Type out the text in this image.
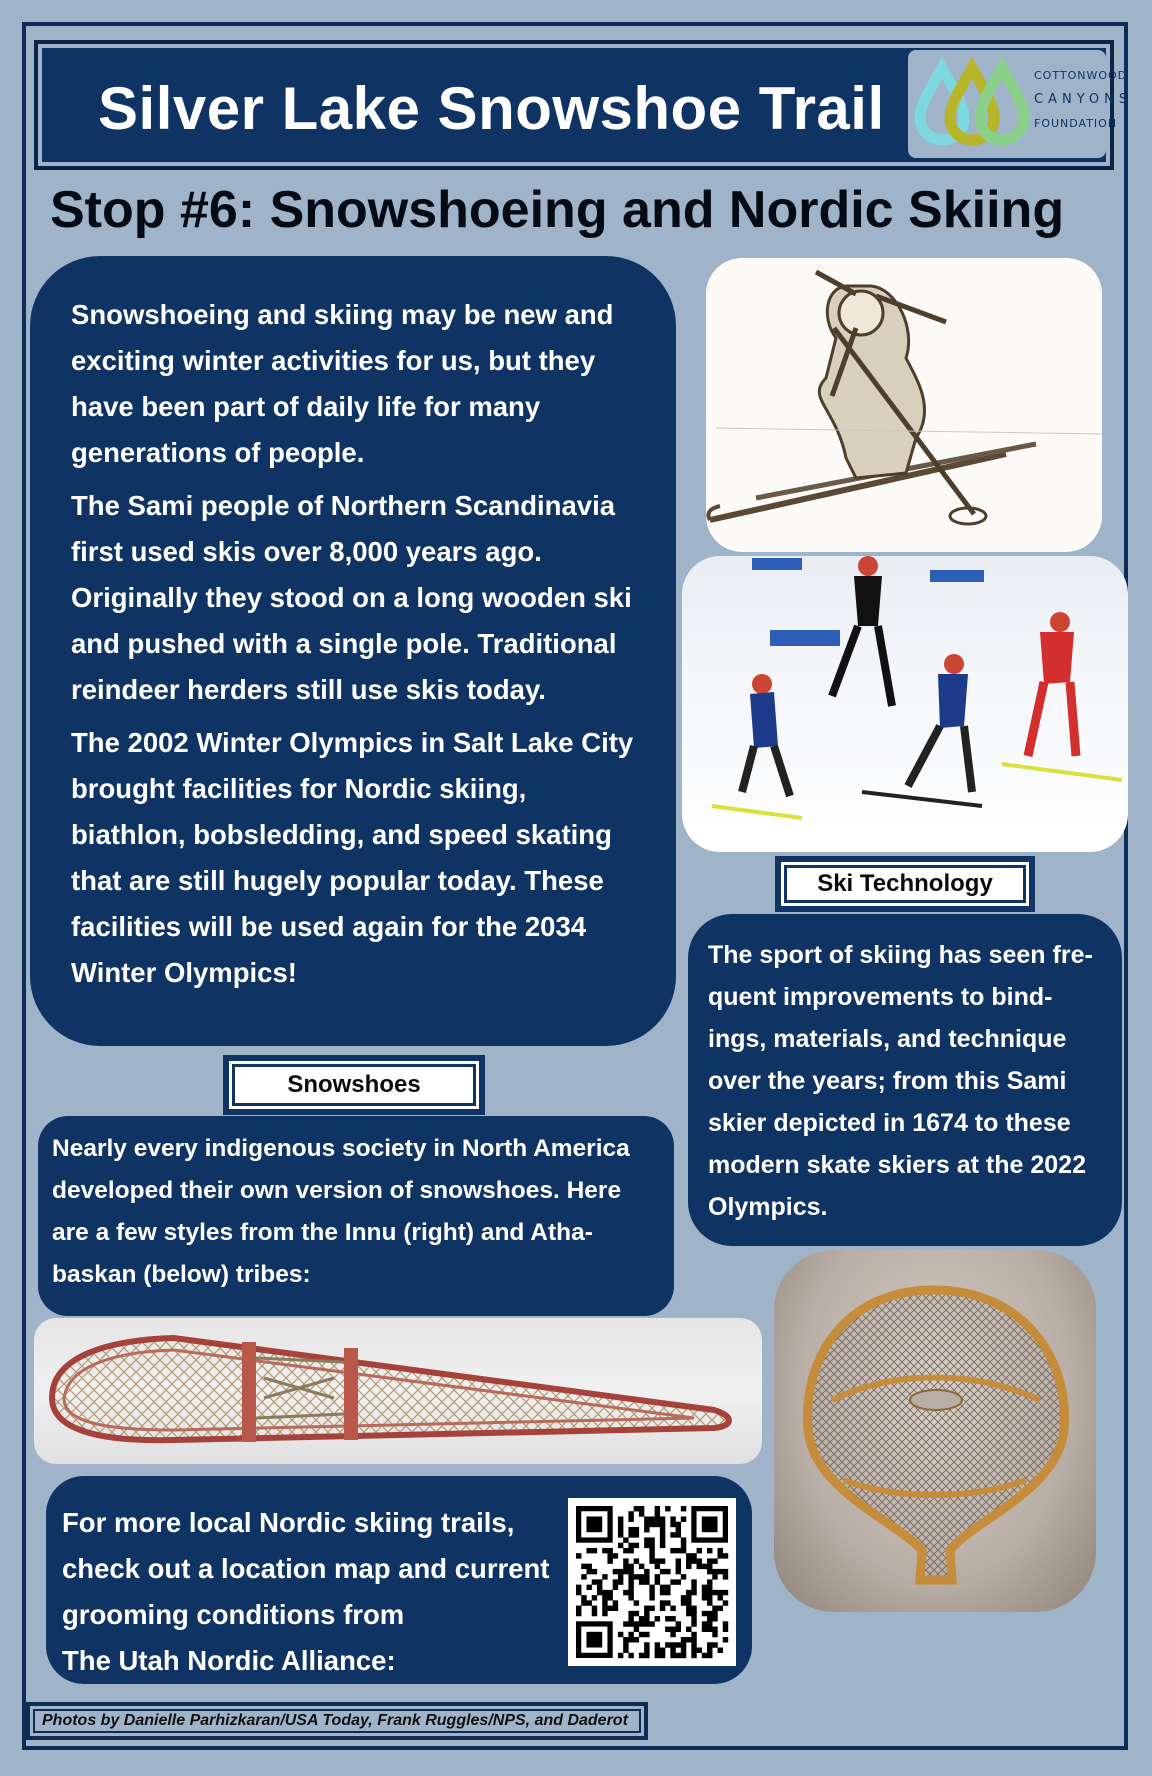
Silver Lake Snowshoe Trail	COTTONWOOD
CANYONS
FOUNDATION
Stop #6: Snowshoeing and Nordic Skiing

Snowshoeing and skiing may be new and exciting winter activities for us, but they have been part of daily life for many generations of people.

The Sami people of Northern Scandinavia first used skis over 8,000 years ago. Originally they stood on a long wooden ski and pushed with a single pole. Traditional reindeer herders still use skis today.

The 2002 Winter Olympics in Salt Lake City brought facilities for Nordic skiing, biathlon, bobsledding, and speed skating that are still hugely popular today. These facilities will be used again for the 2034 Winter Olympics!

Ski Technology
The sport of skiing has seen fre-quent improvements to bind-ings, materials, and technique over the years; from this Sami skier depicted in 1674 to these modern skate skiers at the 2022 Olympics.
Snowshoes
Nearly every indigenous society in North America developed their own version of snowshoes. Here are a few styles from the Innu (right) and Atha-baskan (below) tribes:
For more local Nordic skiing trails,
check out a location map and current
grooming conditions from
The Utah Nordic Alliance:
Photos by Danielle Parhizkaran/USA Today, Frank Ruggles/NPS, and Daderot
